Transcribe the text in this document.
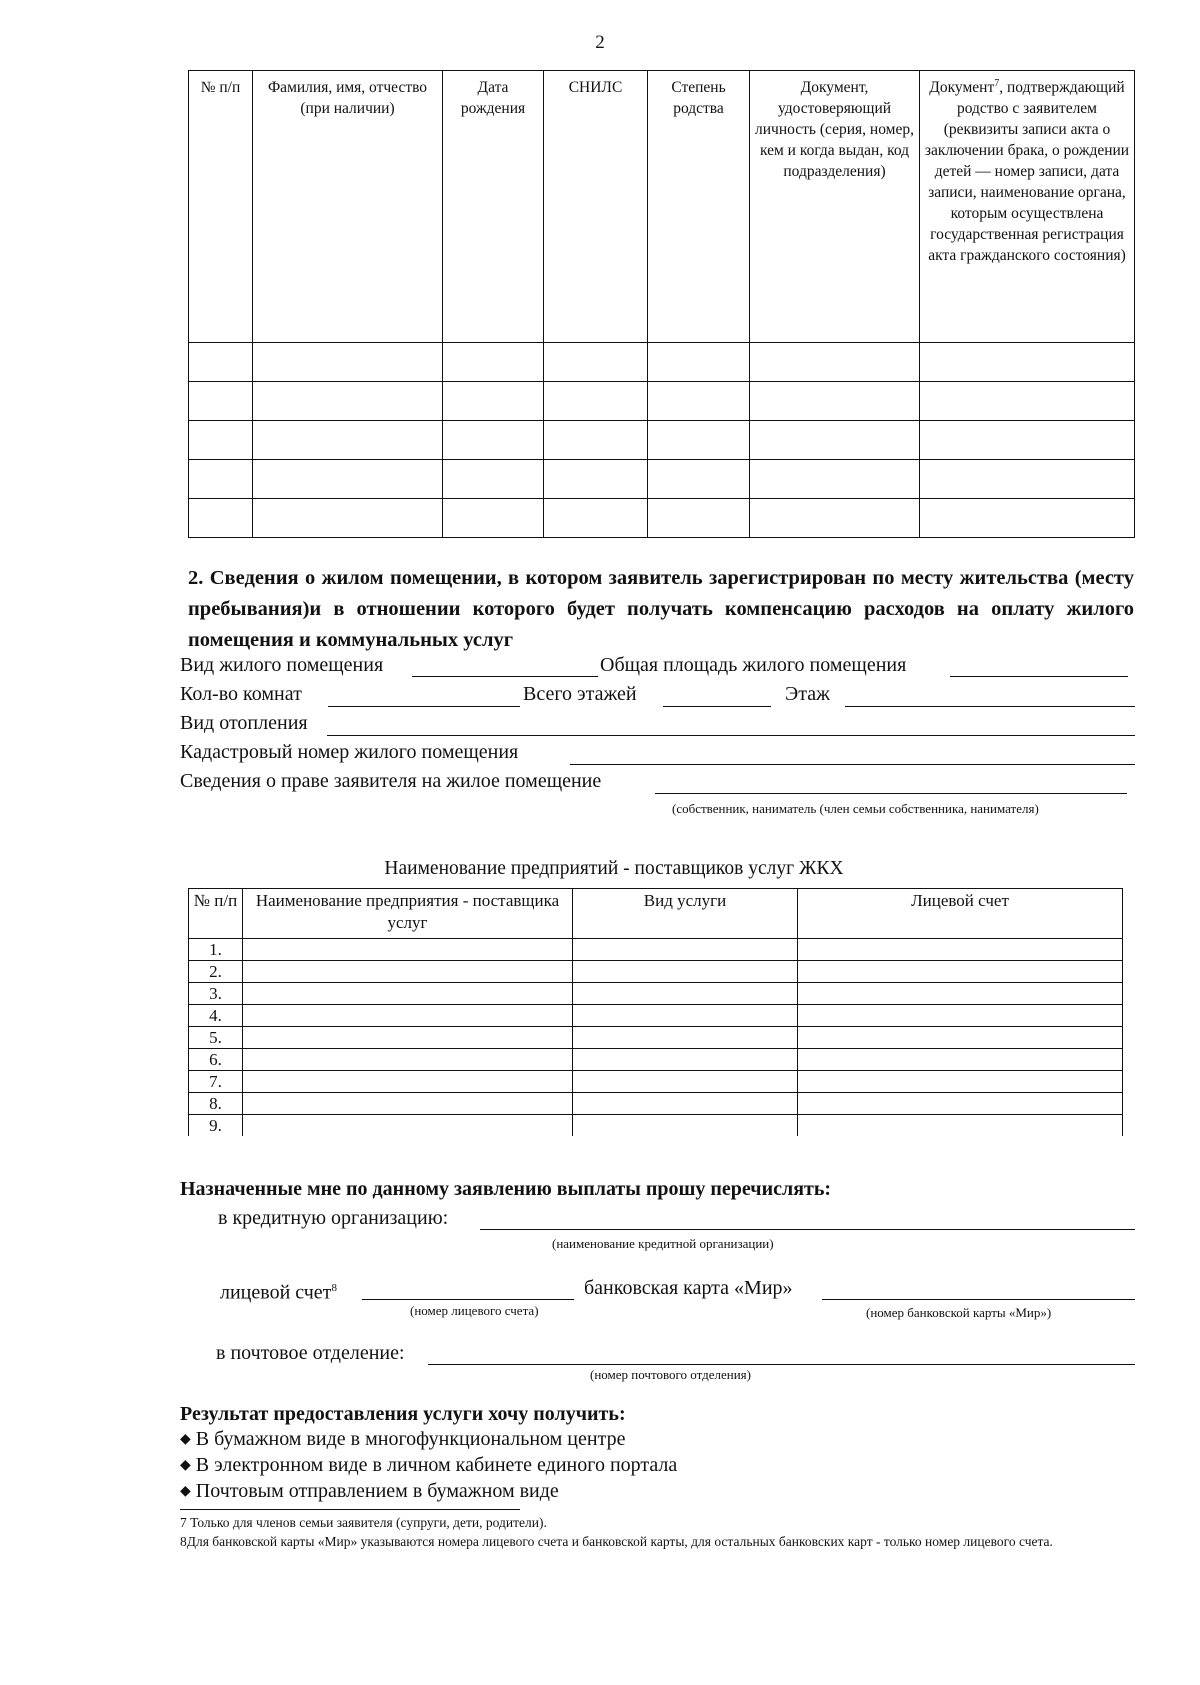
2
№ п/п	Фамилия, имя, отчество (при наличии)	Дата рождения	СНИЛС	Степень родства	Документ, удостоверяющий личность (серия, номер, кем и когда выдан, код подразделения)	Документ$^7$, подтверждающий родство с заявителем (реквизиты записи акта о заключении брака, о рождении детей — номер записи, дата записи, наименование органа, которым осуществлена государственная регистрация акта гражданского состояния)

2. Сведения о жилом помещении, в котором заявитель зарегистрирован по месту жительства (месту пребывания)и в отношении которого будет получать компенсацию расходов на оплату жилого помещения и коммунальных услуг
Вид жилого помещения	Общая площадь жилого помещения
Кол-во комнат	Всего этажей	Этаж
Вид отопления
Кадастровый номер жилого помещения
Сведения о праве заявителя на жилое помещение
(собственник, наниматель (член семьи собственника, нанимателя)
Наименование предприятий - поставщиков услуг ЖКХ
№ п/п	Наименование предприятия - поставщика услуг	Вид услуги	Лицевой счет
1.			
2.			
3.			
4.			
5.			
6.			
7.			
8.			
9.			
Назначенные мне по данному заявлению выплаты прошу перечислять:
в кредитную организацию:
(наименование кредитной организации)
лицевой счет$^8$
(номер лицевого счета)
банковская карта «Мир»
(номер банковской карты «Мир»)
в почтовое отделение:
(номер почтового отделения)
Результат предоставления услуги хочу получить:
◆ В бумажном виде в многофункциональном центре
◆ В электронном виде в личном кабинете единого портала
◆ Почтовым отправлением в бумажном виде
7 Только для членов семьи заявителя (супруги, дети, родители).
8Для банковской карты «Мир» указываются номера лицевого счета и банковской карты, для остальных банковских карт - только номер лицевого счета.
